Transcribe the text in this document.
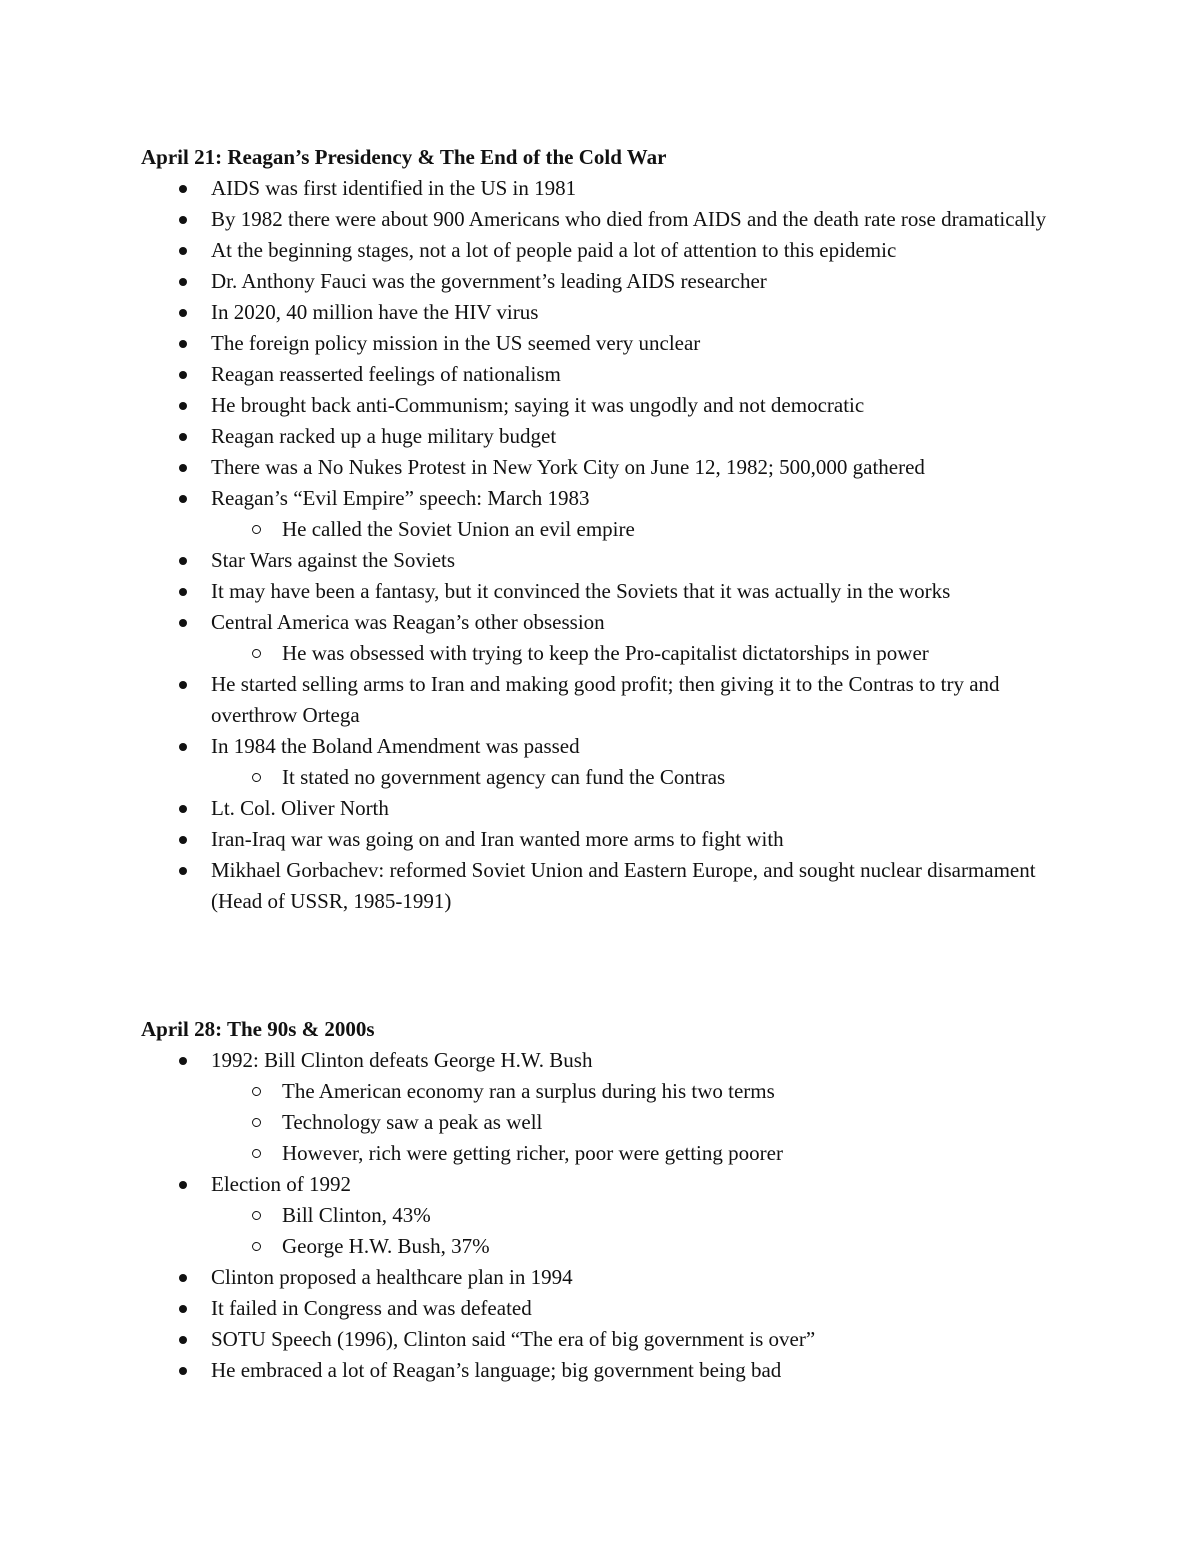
April 21: Reagan’s Presidency & The End of the Cold War
AIDS was first identified in the US in 1981
By 1982 there were about 900 Americans who died from AIDS and the death rate rose dramatically
At the beginning stages, not a lot of people paid a lot of attention to this epidemic
Dr. Anthony Fauci was the government’s leading AIDS researcher
In 2020, 40 million have the HIV virus
The foreign policy mission in the US seemed very unclear
Reagan reasserted feelings of nationalism
He brought back anti-Communism; saying it was ungodly and not democratic
Reagan racked up a huge military budget
There was a No Nukes Protest in New York City on June 12, 1982; 500,000 gathered
Reagan’s “Evil Empire” speech: March 1983
He called the Soviet Union an evil empire
Star Wars against the Soviets
It may have been a fantasy, but it convinced the Soviets that it was actually in the works
Central America was Reagan’s other obsession
He was obsessed with trying to keep the Pro-capitalist dictatorships in power
He started selling arms to Iran and making good profit; then giving it to the Contras to try and overthrow Ortega
In 1984 the Boland Amendment was passed
It stated no government agency can fund the Contras
Lt. Col. Oliver North
Iran-Iraq war was going on and Iran wanted more arms to fight with
Mikhael Gorbachev: reformed Soviet Union and Eastern Europe, and sought nuclear disarmament (Head of USSR, 1985-1991)
April 28: The 90s & 2000s
1992: Bill Clinton defeats George H.W. Bush
The American economy ran a surplus during his two terms
Technology saw a peak as well
However, rich were getting richer, poor were getting poorer
Election of 1992
Bill Clinton, 43%
George H.W. Bush, 37%
Clinton proposed a healthcare plan in 1994
It failed in Congress and was defeated
SOTU Speech (1996), Clinton said “The era of big government is over”
He embraced a lot of Reagan’s language; big government being bad
